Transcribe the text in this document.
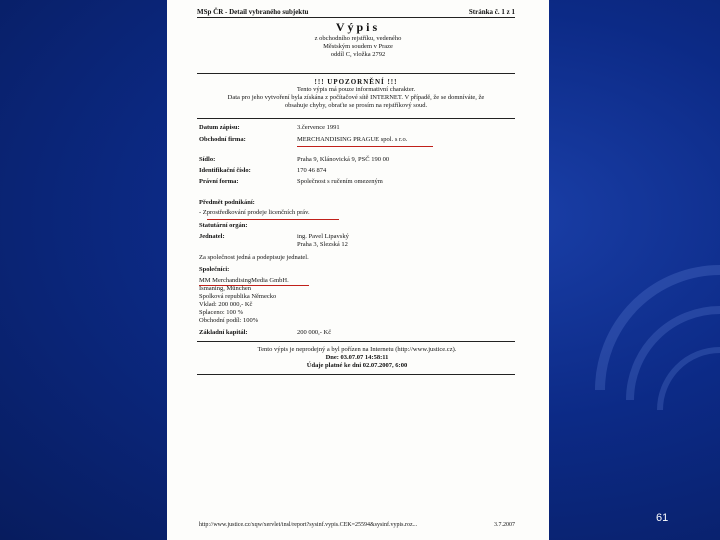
MSp ČR - Detail vybraného subjektu	Stránka č. 1 z 1
Výpis
z obchodního rejstříku, vedeného
Městským soudem v Praze
oddíl C, vložka 2792
!!! UPOZORNĚNÍ !!!
Tento výpis má pouze informativní charakter.
Data pro jeho vytvoření byla získána z počítačové sítě INTERNET. V případě, že se domníváte, že
obsahuje chyby, obraťte se prosím na rejstříkový soud.
Datum zápisu:	3.července 1991
Obchodní firma:	MERCHANDISING PRAGUE spol. s r.o.
Sídlo:	Praha 9, Klánovická 9, PSČ 190 00
Identifikační číslo:	170 46 874
Právní forma:	Společnost s ručením omezeným
Předmět podnikání:
- Zprostředkování prodeje licenčních práv.
Statutární orgán:
Jednatel:	ing. Pavel Lipavský
Praha 3, Slezská 12
Za společnost jedná a podepisuje jednatel.
Společníci:
MM MerchandisingMedia GmbH.
Ismaning, München
Spolková republika Německo
Vklad: 200 000,- Kč
Splaceno: 100 %
Obchodní podíl: 100%
Základní kapitál:	200 000,- Kč
Tento výpis je neprodejný a byl pořízen na Internetu (http://www.justice.cz).
Dne: 03.07.07 14:58:11
Údaje platné ke dni 02.07.2007, 6:00
http://www.justice.cz/xqw/xervlet/insl/report?sysinf.vypis.CEK=25594&sysinf.vypis.roz...	3.7.2007
61
